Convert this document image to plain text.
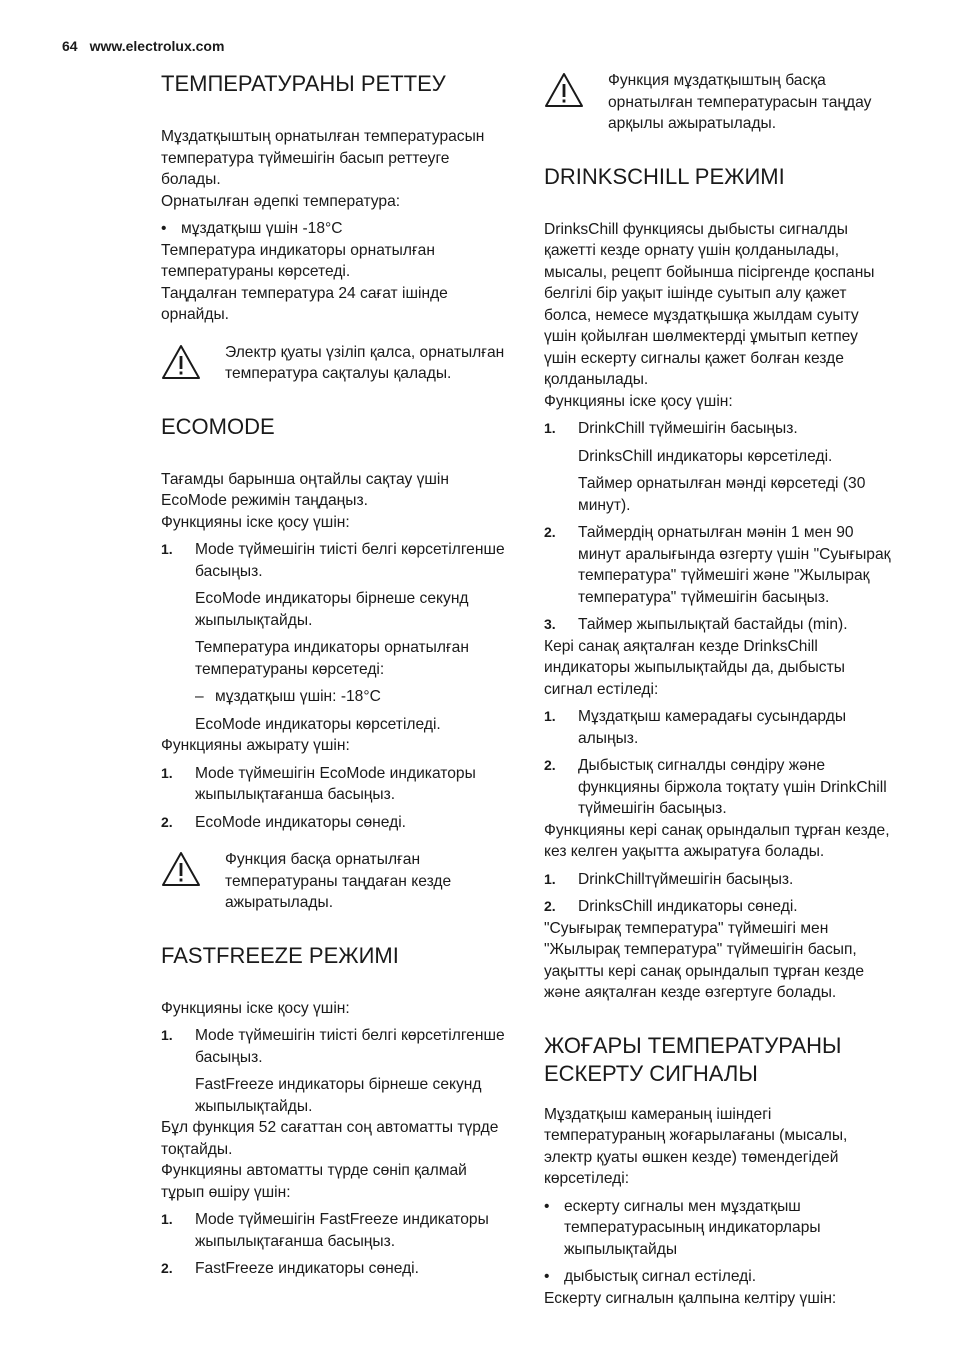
64 www.electrolux.com
ТЕМПЕРАТУРАНЫ РЕТТЕУ

Мұздатқыштың орнатылған температурасын температура түймешігін басып реттеуге болады.

Орнатылған әдепкі температура:

• мұздатқыш үшін -18°C

Температура индикаторы орнатылған температураны көрсетеді.

Таңдалған температура 24 сағат ішінде орнайды.

Электр қуаты үзіліп қалса, орнатылған температура сақталуы қалады.

ECOMODE

Тағамды барынша оңтайлы сақтау үшін EcoMode режимін таңдаңыз.

Функцияны іске қосу үшін:

1. Mode түймешігін тиісті белгі көрсетілгенше басыңыз.

EcoMode индикаторы бірнеше секунд жыпылықтайды.

Температура индикаторы орнатылған температураны көрсетеді:

– мұздатқыш үшін: -18°C

EcoMode индикаторы көрсетіледі.

Функцияны ажырату үшін:

1. Mode түймешігін EcoMode индикаторы жыпылықтағанша басыңыз.

2. EcoMode индикаторы сөнеді.

Функция басқа орнатылған температураны таңдаған кезде ажыратылады.

FASTFREEZE РЕЖИМІ

Функцияны іске қосу үшін:

1. Mode түймешігін тиісті белгі көрсетілгенше басыңыз.

FastFreeze индикаторы бірнеше секунд жыпылықтайды.

Бұл функция 52 сағаттан соң автоматты түрде тоқтайды.

Функцияны автоматты түрде сөніп қалмай тұрып өшіру үшін:

1. Mode түймешігін FastFreeze индикаторы жыпылықтағанша басыңыз.

2. FastFreeze индикаторы сөнеді.

Функция мұздатқыштың басқа орнатылған температурасын таңдау арқылы ажыратылады.

DRINKSCHILL РЕЖИМІ

DrinksChill функциясы дыбысты сигналды қажетті кезде орнату үшін қолданылады, мысалы, рецепт бойынша пісіргенде қоспаны белгілі бір уақыт ішінде суытып алу қажет болса, немесе мұздатқышқа жылдам суыту үшін қойылған шөлмектерді ұмытып кетпеу үшін ескерту сигналы қажет болған кезде қолданылады.

Функцияны іске қосу үшін:

1. DrinkChill түймешігін басыңыз.

DrinksChill индикаторы көрсетіледі.

Таймер орнатылған мәнді көрсетеді (30 минут).

2. Таймердің орнатылған мәнін 1 мен 90 минут аралығында өзгерту үшін "Суығырақ температура" түймешігі және "Жылырақ температура" түймешігін басыңыз.

3. Таймер жыпылықтай бастайды (min).

Кері санақ аяқталған кезде DrinksChill индикаторы жыпылықтайды да, дыбысты сигнал естіледі:

1. Мұздатқыш камерадағы сусындарды алыңыз.

2. Дыбыстық сигналды сөндіру және функцияны біржола тоқтату үшін DrinkChill түймешігін басыңыз.

Функцияны кері санақ орындалып тұрған кезде, кез келген уақытта ажыратуға болады.

1. DrinkChillтүймешігін басыңыз.

2. DrinksChill индикаторы сөнеді.

"Суығырақ температура" түймешігі мен "Жылырақ температура" түймешігін басып, уақытты кері санақ орындалып тұрған кезде және аяқталған кезде өзгертуге болады.

ЖОҒАРЫ ТЕМПЕРАТУРАНЫ ЕСКЕРТУ СИГНАЛЫ

Мұздатқыш камераның ішіндегі температураның жоғарылағаны (мысалы, электр қуаты өшкен кезде) төмендегідей көрсетіледі:

• ескерту сигналы мен мұздатқыш температурасының индикаторлары жыпылықтайды

• дыбыстық сигнал естіледі.

Ескерту сигналын қалпына келтіру үшін:
